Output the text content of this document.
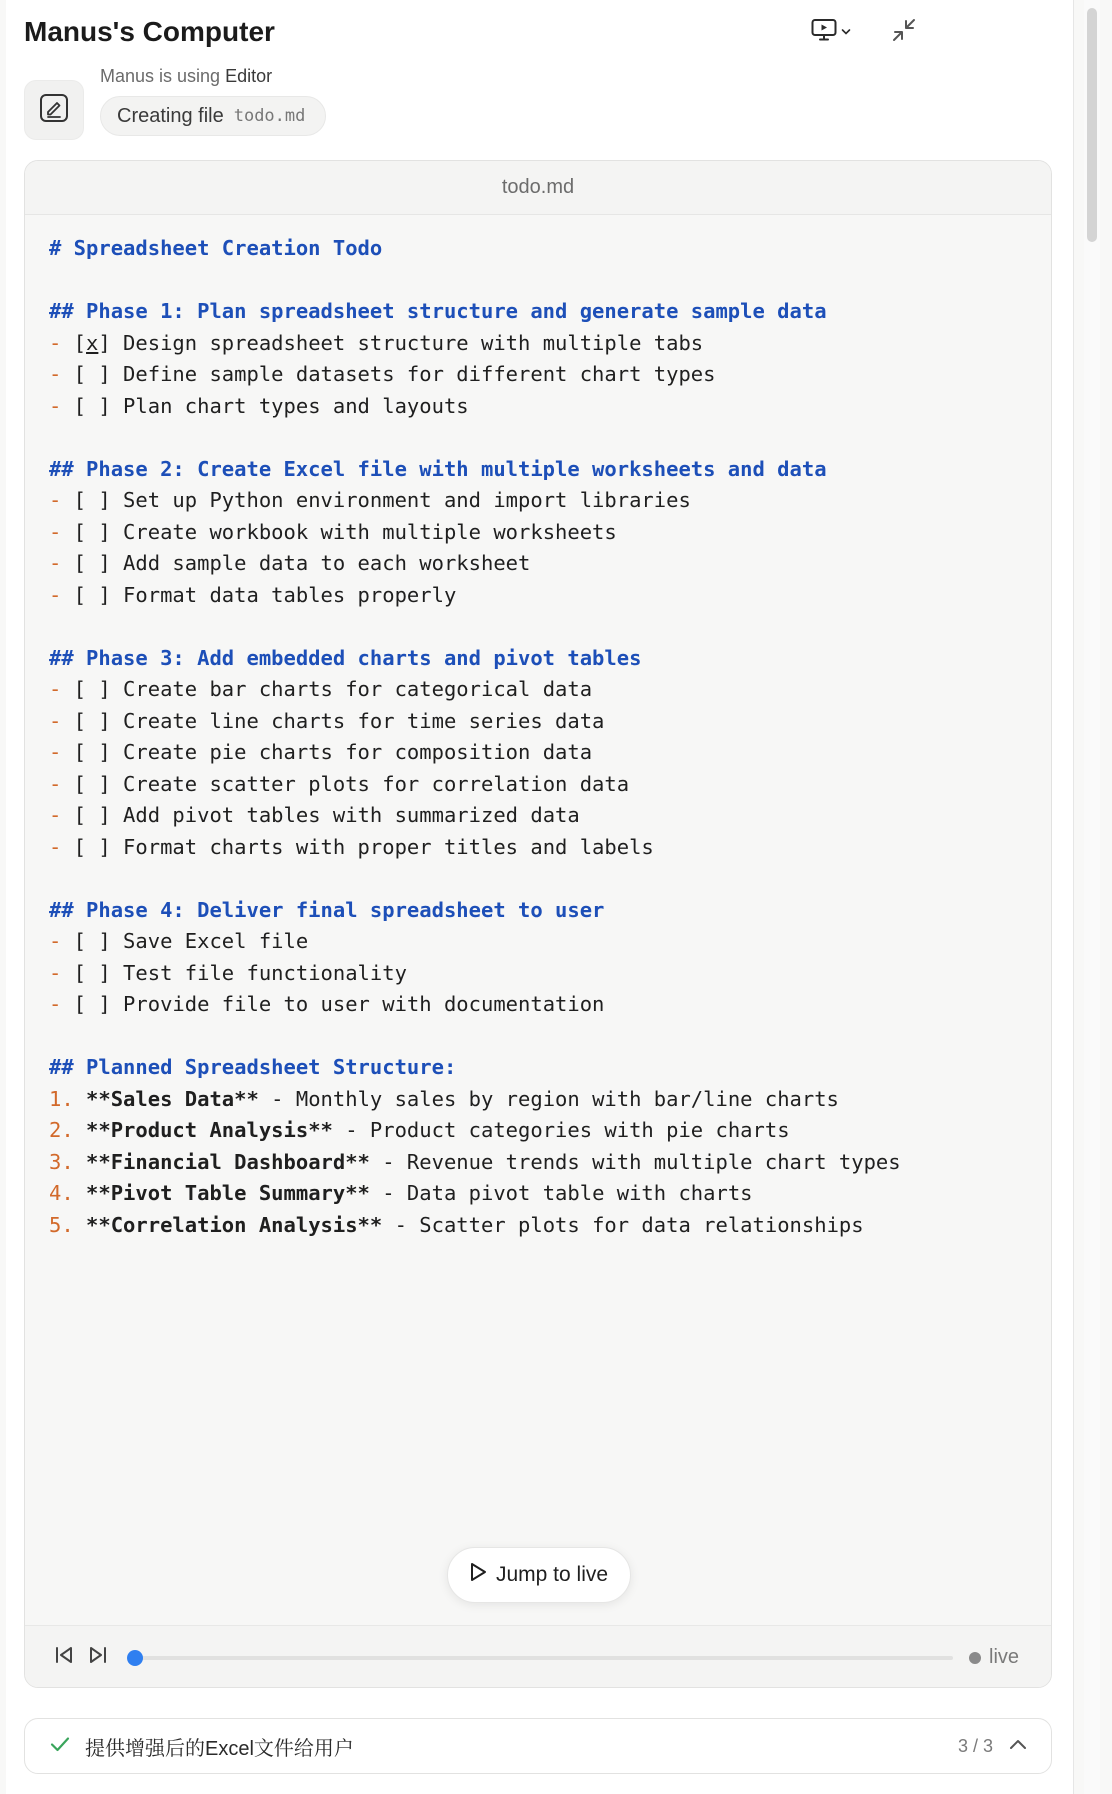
Manus's Computer
Manus is using Editor
Creating file todo.md
todo.md
# Spreadsheet Creation Todo
## Phase 1: Plan spreadsheet structure and generate sample data
- [x] Design spreadsheet structure with multiple tabs
- [ ] Define sample datasets for different chart types
- [ ] Plan chart types and layouts
## Phase 2: Create Excel file with multiple worksheets and data
- [ ] Set up Python environment and import libraries
- [ ] Create workbook with multiple worksheets
- [ ] Add sample data to each worksheet
- [ ] Format data tables properly
## Phase 3: Add embedded charts and pivot tables
- [ ] Create bar charts for categorical data
- [ ] Create line charts for time series data
- [ ] Create pie charts for composition data
- [ ] Create scatter plots for correlation data
- [ ] Add pivot tables with summarized data
- [ ] Format charts with proper titles and labels
## Phase 4: Deliver final spreadsheet to user
- [ ] Save Excel file
- [ ] Test file functionality
- [ ] Provide file to user with documentation
## Planned Spreadsheet Structure:
1. **Sales Data** - Monthly sales by region with bar/line charts
2. **Product Analysis** - Product categories with pie charts
3. **Financial Dashboard** - Revenue trends with multiple chart types
4. **Pivot Table Summary** - Data pivot table with charts
5. **Correlation Analysis** - Scatter plots for data relationships
Jump to live
live
提供增强后的Excel文件给用户	3 / 3
